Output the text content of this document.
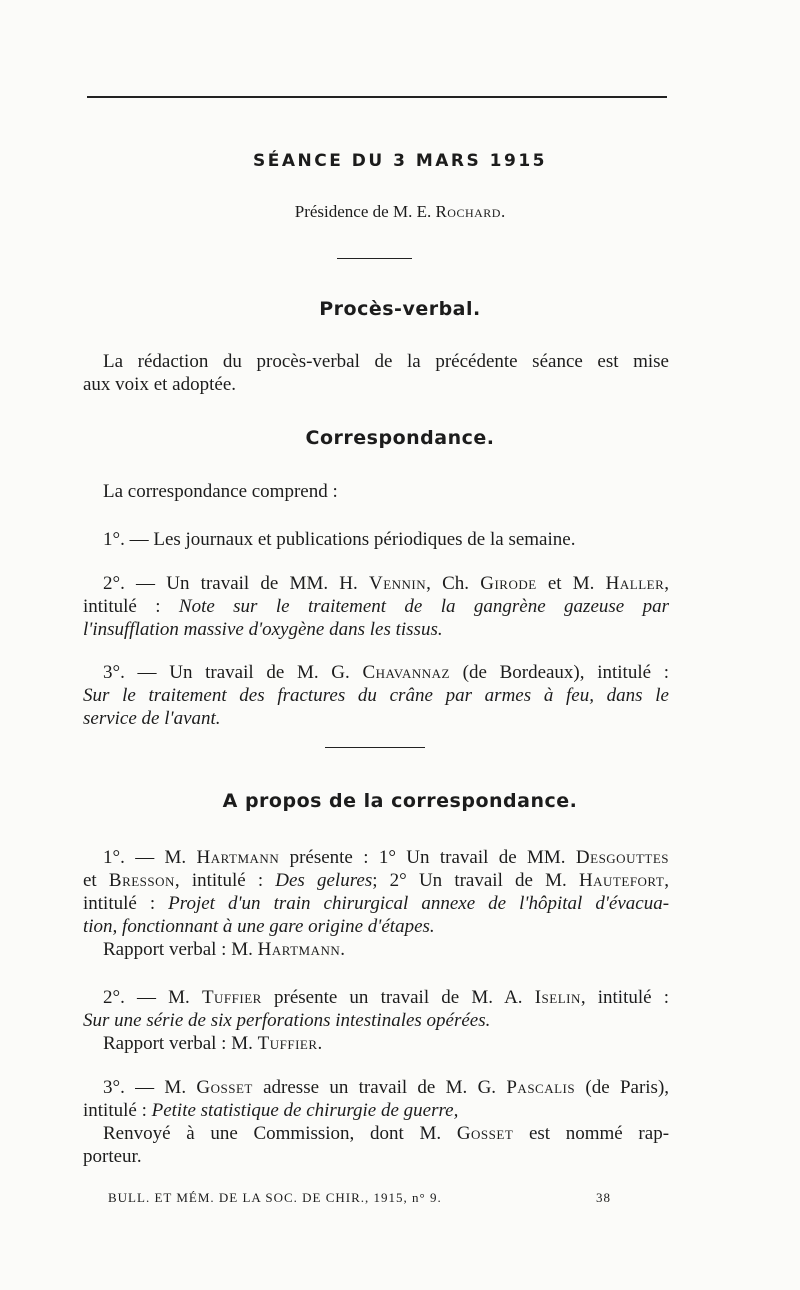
SÉANCE DU 3 MARS 1915
Présidence de M. E. Rochard.
Procès-verbal.
La rédaction du procès-verbal de la précédente séance est mise
aux voix et adoptée.
Correspondance.
La correspondance comprend :
1°. — Les journaux et publications périodiques de la semaine.
2°. — Un travail de MM. H. Vennin, Ch. Girode et M. Haller,
intitulé : Note sur le traitement de la gangrène gazeuse par
l'insufflation massive d'oxygène dans les tissus.
3°. — Un travail de M. G. Chavannaz (de Bordeaux), intitulé :
Sur le traitement des fractures du crâne par armes à feu, dans le
service de l'avant.
A propos de la correspondance.
1°. — M. Hartmann présente : 1° Un travail de MM. Desgouttes
et Bresson, intitulé : Des gelures; 2° Un travail de M. Hautefort,
intitulé : Projet d'un train chirurgical annexe de l'hôpital d'évacua-
tion, fonctionnant à une gare origine d'étapes.
Rapport verbal : M. Hartmann.
2°. — M. Tuffier présente un travail de M. A. Iselin, intitulé :
Sur une série de six perforations intestinales opérées.
Rapport verbal : M. Tuffier.
3°. — M. Gosset adresse un travail de M. G. Pascalis (de Paris),
intitulé : Petite statistique de chirurgie de guerre,
Renvoyé à une Commission, dont M. Gosset est nommé rap-
porteur.
BULL. ET MÉM. DE LA SOC. DE CHIR., 1915, n° 9.	38
